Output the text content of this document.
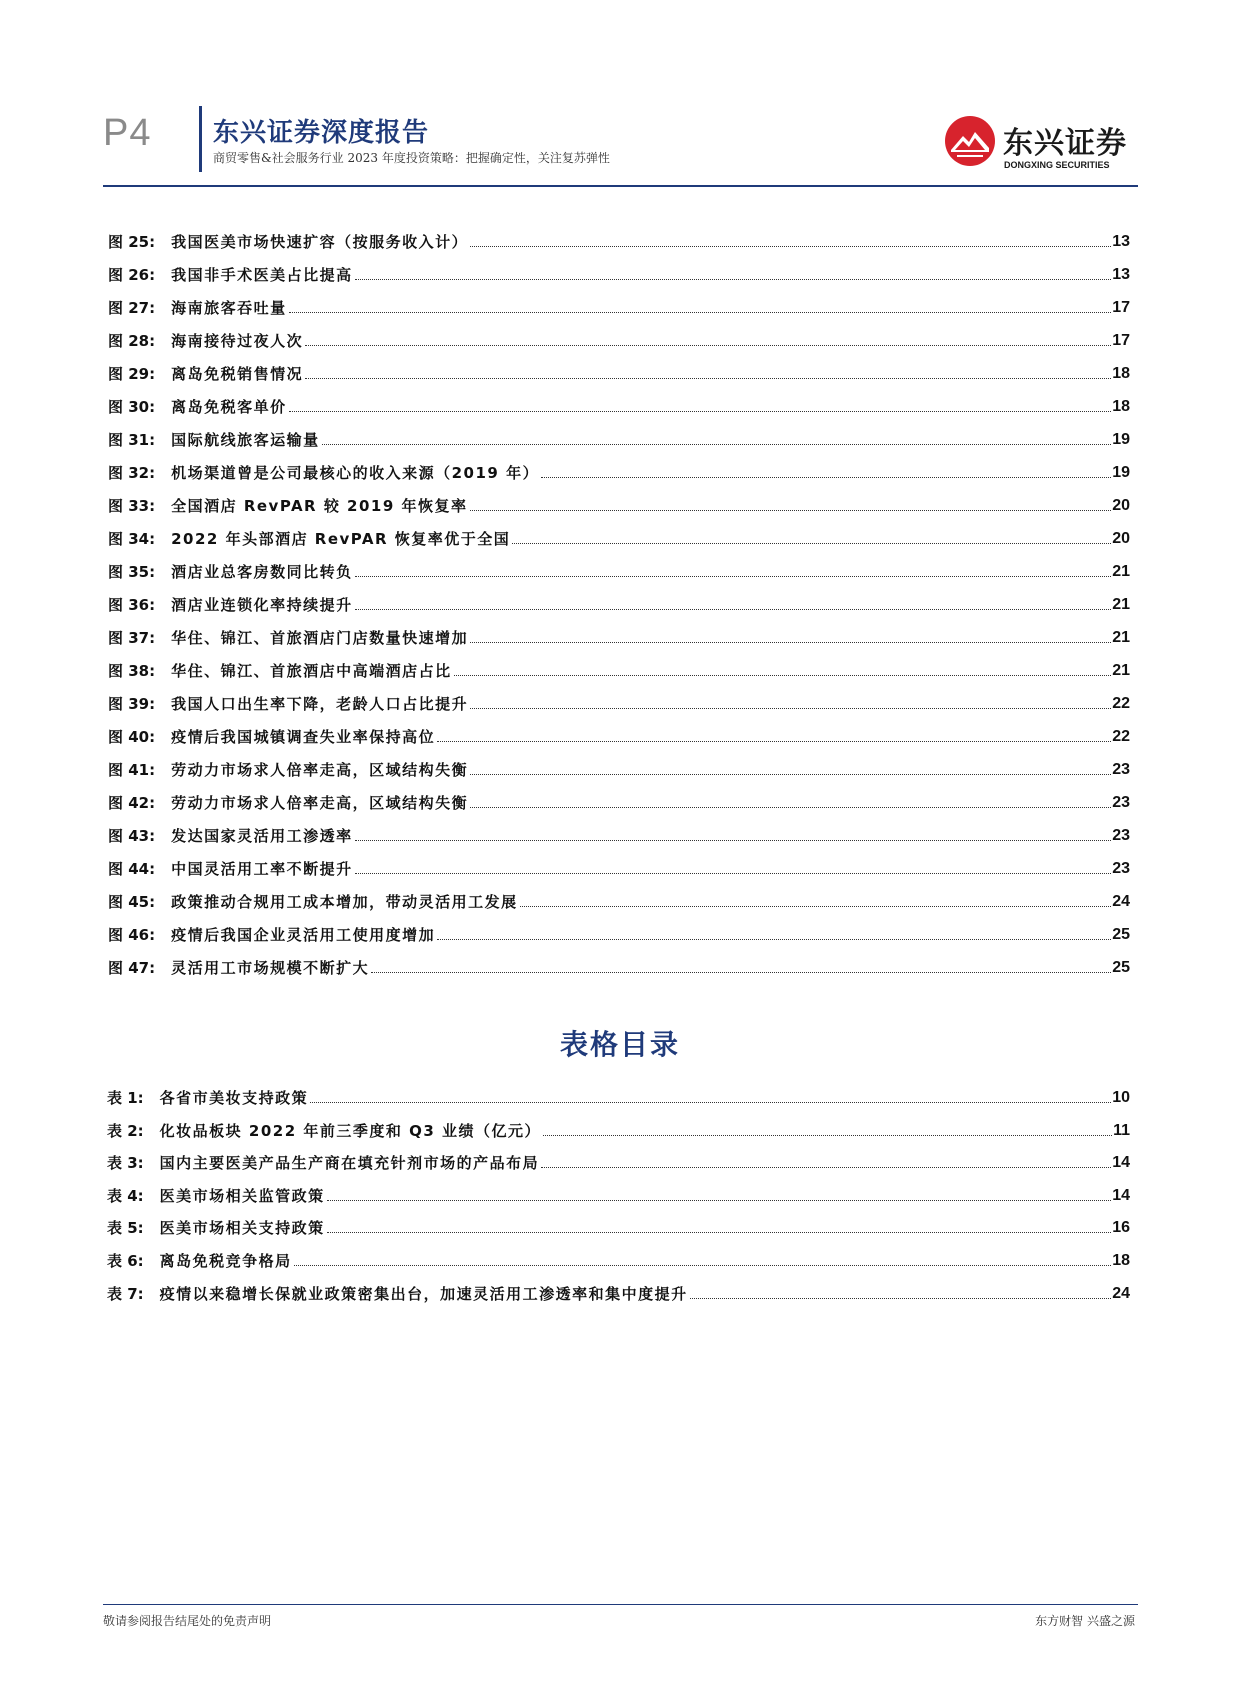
P4 东兴证券深度报告
商贸零售&社会服务行业 2023 年度投资策略：把握确定性，关注复苏弹性	东兴证券
DONGXING SECURITIES
图 25: 我国医美市场快速扩容（按服务收入计）	13
图 26: 我国非手术医美占比提高	13
图 27: 海南旅客吞吐量	17
图 28: 海南接待过夜人次	17
图 29: 离岛免税销售情况	18
图 30: 离岛免税客单价	18
图 31: 国际航线旅客运输量	19
图 32: 机场渠道曾是公司最核心的收入来源（2019 年）	19
图 33: 全国酒店 RevPAR 较 2019 年恢复率	20
图 34: 2022 年头部酒店 RevPAR 恢复率优于全国	20
图 35: 酒店业总客房数同比转负	21
图 36: 酒店业连锁化率持续提升	21
图 37: 华住、锦江、首旅酒店门店数量快速增加	21
图 38: 华住、锦江、首旅酒店中高端酒店占比	21
图 39: 我国人口出生率下降，老龄人口占比提升	22
图 40: 疫情后我国城镇调查失业率保持高位	22
图 41: 劳动力市场求人倍率走高，区域结构失衡	23
图 42: 劳动力市场求人倍率走高，区域结构失衡	23
图 43: 发达国家灵活用工渗透率	23
图 44: 中国灵活用工率不断提升	23
图 45: 政策推动合规用工成本增加，带动灵活用工发展	24
图 46: 疫情后我国企业灵活用工使用度增加	25
图 47: 灵活用工市场规模不断扩大	25
表格目录
表 1: 各省市美妆支持政策	10
表 2: 化妆品板块 2022 年前三季度和 Q3 业绩（亿元）	11
表 3: 国内主要医美产品生产商在填充针剂市场的产品布局	14
表 4: 医美市场相关监管政策	14
表 5: 医美市场相关支持政策	16
表 6: 离岛免税竞争格局	18
表 7: 疫情以来稳增长保就业政策密集出台，加速灵活用工渗透率和集中度提升	24
敬请参阅报告结尾处的免责声明	东方财智 兴盛之源
